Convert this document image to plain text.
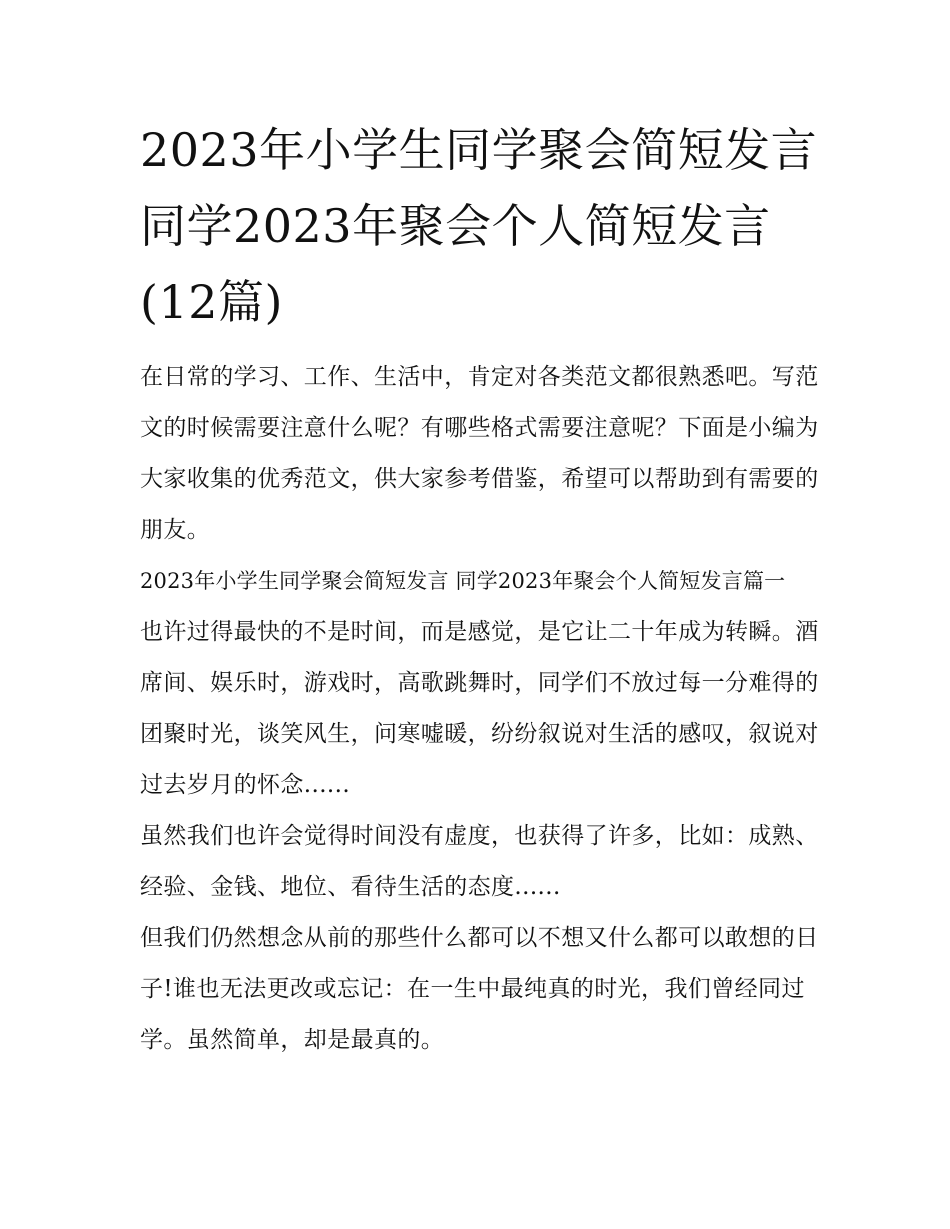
2023年小学生同学聚会简短发言 同学2023年聚会个人简短发言(12篇)

在日常的学习、工作、生活中，肯定对各类范文都很熟悉吧。写范文的时候需要注意什么呢？有哪些格式需要注意呢？下面是小编为大家收集的优秀范文，供大家参考借鉴，希望可以帮助到有需要的朋友。

2023年小学生同学聚会简短发言 同学2023年聚会个人简短发言篇一

也许过得最快的不是时间，而是感觉，是它让二十年成为转瞬。酒席间、娱乐时，游戏时，高歌跳舞时，同学们不放过每一分难得的团聚时光，谈笑风生，问寒嘘暖，纷纷叙说对生活的感叹，叙说对过去岁月的怀念......

虽然我们也许会觉得时间没有虚度，也获得了许多，比如：成熟、经验、金钱、地位、看待生活的态度......

但我们仍然想念从前的那些什么都可以不想又什么都可以敢想的日子!谁也无法更改或忘记：在一生中最纯真的时光，我们曾经同过学。虽然简单，却是最真的。
